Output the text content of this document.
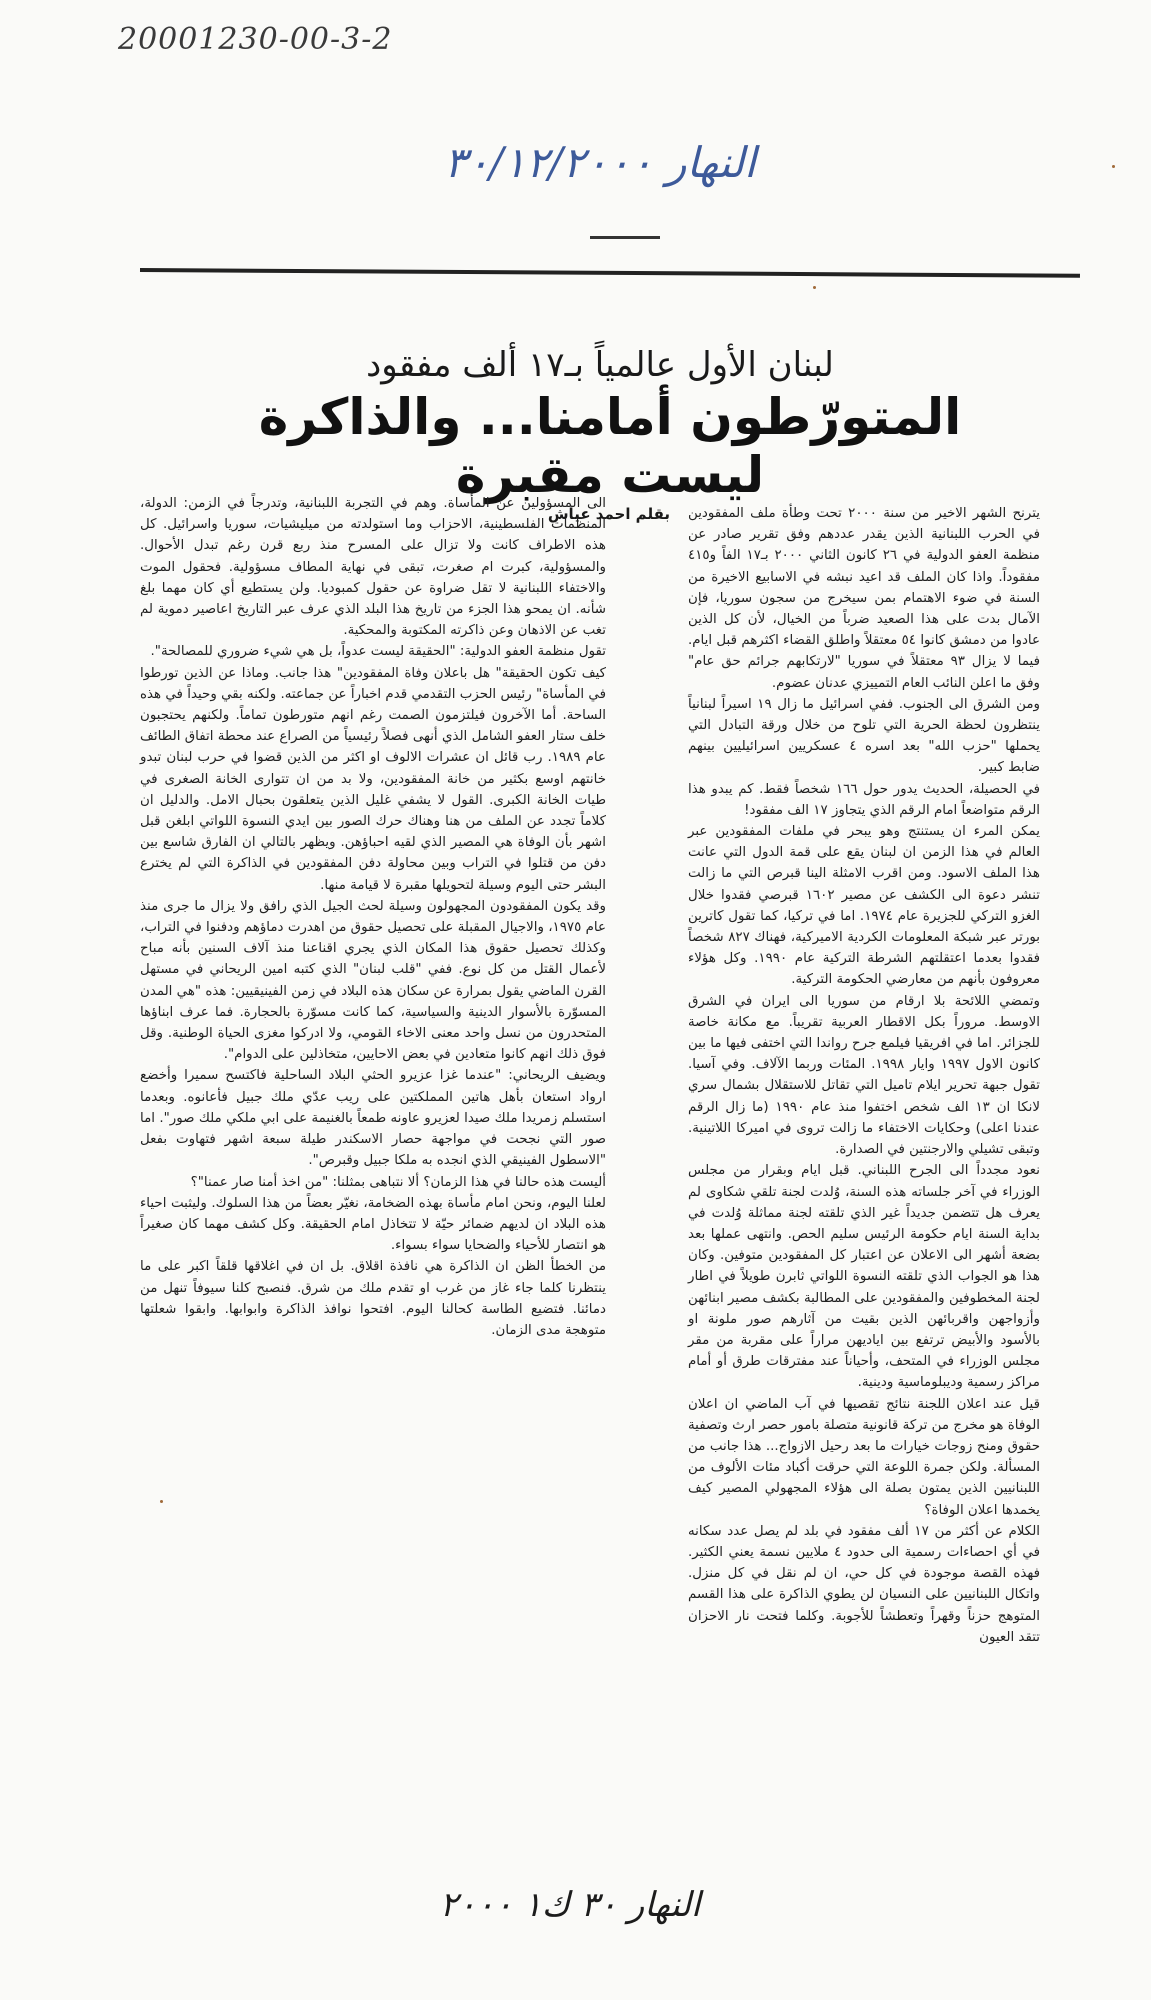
20001230-00-3-2
النهار ٣٠/١٢/٢٠٠٠
لبنان الأول عالمياً بـ١٧ ألف مفقود
المتورّطون أمامنا... والذاكرة ليست مقبرة

يترنح الشهر الاخير من سنة ٢٠٠٠ تحت وطأة ملف المفقودين في الحرب اللبنانية الذين يقدر عددهم وفق تقرير صادر عن منظمة العفو الدولية في ٢٦ كانون الثاني ٢٠٠٠ بـ١٧ الفاً و٤١٥ مفقوداً. واذا كان الملف قد اعيد نبشه في الاسابيع الاخيرة من السنة في ضوء الاهتمام بمن سيخرج من سجون سوريا، فإن الآمال بدت على هذا الصعيد ضرباً من الخيال، لأن كل الذين عادوا من دمشق كانوا ٥٤ معتقلاً واطلق القضاء اكثرهم قبل ايام. فيما لا يزال ٩٣ معتقلاً في سوريا "لارتكابهم جرائم حق عام" وفق ما اعلن النائب العام التمييزي عدنان عضوم.

ومن الشرق الى الجنوب. ففي اسرائيل ما زال ١٩ اسيراً لبنانياً ينتظرون لحظة الحرية التي تلوح من خلال ورقة التبادل التي يحملها "حزب الله" بعد اسره ٤ عسكريين اسرائيليين بينهم ضابط كبير.

في الحصيلة، الحديث يدور حول ١٦٦ شخصاً فقط. كم يبدو هذا الرقم متواضعاً امام الرقم الذي يتجاوز ١٧ الف مفقود!

يمكن المرء ان يستنتج وهو يبحر في ملفات المفقودين عبر العالم في هذا الزمن ان لبنان يقع على قمة الدول التي عانت هذا الملف الاسود. ومن اقرب الامثلة الينا قبرص التي ما زالت تنشر دعوة الى الكشف عن مصير ١٦٠٢ قبرصي فقدوا خلال الغزو التركي للجزيرة عام ١٩٧٤. اما في تركيا، كما تقول كاترين بورتر عبر شبكة المعلومات الكردية الاميركية، فهناك ٨٢٧ شخصاً فقدوا بعدما اعتقلتهم الشرطة التركية عام ١٩٩٠. وكل هؤلاء معروفون بأنهم من معارضي الحكومة التركية.

وتمضي اللائحة بلا ارقام من سوريا الى ايران في الشرق الاوسط. مروراً بكل الاقطار العربية تقريباً. مع مكانة خاصة للجزائر. اما في افريقيا فيلمع جرح رواندا التي اختفى فيها ما بين كانون الاول ١٩٩٧ وايار ١٩٩٨. المئات وربما الآلاف. وفي آسيا. تقول جبهة تحرير ايلام تاميل التي تقاتل للاستقلال بشمال سري لانكا ان ١٣ الف شخص اختفوا منذ عام ١٩٩٠ (ما زال الرقم عندنا اعلى) وحكايات الاختفاء ما زالت تروى في اميركا اللاتينية. وتبقى تشيلي والارجنتين في الصدارة.

نعود مجدداً الى الجرح اللبناني. قبل ايام وبقرار من مجلس الوزراء في آخر جلساته هذه السنة، وُلدت لجنة تلقي شكاوى لم يعرف هل تتضمن جديداً غير الذي تلقته لجنة مماثلة وُلدت في بداية السنة ايام حكومة الرئيس سليم الحص. وانتهى عملها بعد بضعة أشهر الى الاعلان عن اعتبار كل المفقودين متوفين. وكان هذا هو الجواب الذي تلقته النسوة اللواتي ثابرن طويلاً في اطار لجنة المخطوفين والمفقودين على المطالبة بكشف مصير ابنائهن وأزواجهن واقربائهن الذين بقيت من آثارهم صور ملونة او بالأسود والأبيض ترتفع بين اياديهن مراراً على مقربة من مقر مجلس الوزراء في المتحف، وأحياناً عند مفترقات طرق أو أمام مراكز رسمية وديبلوماسية ودينية.

قيل عند اعلان اللجنة نتائج تقصيها في آب الماضي ان اعلان الوفاة هو مخرج من تركة قانونية متصلة بامور حصر ارث وتصفية حقوق ومنح زوجات خيارات ما بعد رحيل الازواج... هذا جانب من المسألة. ولكن جمرة اللوعة التي حرقت أكباد مئات الألوف من اللبنانيين الذين يمتون بصلة الى هؤلاء المجهولي المصير كيف يخمدها اعلان الوفاة؟

الكلام عن أكثر من ١٧ ألف مفقود في بلد لم يصل عدد سكانه في أي احصاءات رسمية الى حدود ٤ ملايين نسمة يعني الكثير. فهذه القصة موجودة في كل حي، ان لم نقل في كل منزل. واتكال اللبنانيين على النسيان لن يطوي الذاكرة على هذا القسم المتوهج حزناً وقهراً وتعطشاً للأجوبة. وكلما فتحت نار الاحزان تتقد العيون

بقلم احمد عياش

الى المسؤولين عن المأساة. وهم في التجربة اللبنانية، وتدرجاً في الزمن: الدولة، المنظمات الفلسطينية، الاحزاب وما استولدته من ميليشيات، سوريا واسرائيل. كل هذه الاطراف كانت ولا تزال على المسرح منذ ربع قرن رغم تبدل الأحوال. والمسؤولية، كبرت ام صغرت، تبقى في نهاية المطاف مسؤولية. فحقول الموت والاختفاء اللبنانية لا تقل ضراوة عن حقول كمبوديا. ولن يستطيع أي كان مهما بلغ شأنه. ان يمحو هذا الجزء من تاريخ هذا البلد الذي عرف عبر التاريخ اعاصير دموية لم تغب عن الاذهان وعن ذاكرته المكتوبة والمحكية.

تقول منظمة العفو الدولية: "الحقيقة ليست عدواً، بل هي شيء ضروري للمصالحة".

كيف تكون الحقيقة" هل باعلان وفاة المفقودين" هذا جانب. وماذا عن الذين تورطوا في المأساة" رئيس الحزب التقدمي قدم اخباراً عن جماعته. ولكنه بقي وحيداً في هذه الساحة. أما الآخرون فيلتزمون الصمت رغم انهم متورطون تماماً. ولكنهم يحتجبون خلف ستار العفو الشامل الذي أنهى فصلاً رئيسياً من الصراع عند محطة اتفاق الطائف عام ١٩٨٩. رب قائل ان عشرات الالوف او اكثر من الذين قضوا في حرب لبنان تبدو خانتهم اوسع بكثير من خانة المفقودين، ولا بد من ان تتوارى الخانة الصغرى في طيات الخانة الكبرى. القول لا يشفي غليل الذين يتعلقون بحبال الامل. والدليل ان كلاماً تجدد عن الملف من هنا وهناك حرك الصور بين ايدي النسوة اللواتي ابلغن قبل اشهر بأن الوفاة هي المصير الذي لقيه احباؤهن. ويظهر بالتالي ان الفارق شاسع بين دفن من قتلوا في التراب وبين محاولة دفن المفقودين في الذاكرة التي لم يخترع البشر حتى اليوم وسيلة لتحويلها مقبرة لا قيامة منها.

وقد يكون المفقودون المجهولون وسيلة لحث الجيل الذي رافق ولا يزال ما جرى منذ عام ١٩٧٥، والاجيال المقبلة على تحصيل حقوق من اهدرت دماؤهم ودفنوا في التراب، وكذلك تحصيل حقوق هذا المكان الذي يجري اقناعنا منذ آلاف السنين بأنه مباح لأعمال القتل من كل نوع. ففي "قلب لبنان" الذي كتبه امين الريحاني في مستهل القرن الماضي يقول بمرارة عن سكان هذه البلاد في زمن الفينيقيين: هذه "هي المدن المسوّرة بالأسوار الدينية والسياسية، كما كانت مسوّرة بالحجارة. فما عرف ابناؤها المتحدرون من نسل واحد معنى الاخاء القومي، ولا ادركوا مغزى الحياة الوطنية. وقل فوق ذلك انهم كانوا متعادين في بعض الاحايين، متخاذلين على الدوام".

ويضيف الريحاني: "عندما غزا عزيرو الحثي البلاد الساحلية فاكتسح سميرا وأخضع ارواد استعان بأهل هاتين المملكتين على ريب عدّي ملك جبيل فأعانوه. وبعدما استسلم زمريدا ملك صيدا لعزيرو عاونه طمعاً بالغنيمة على ابي ملكي ملك صور". اما صور التي نجحت في مواجهة حصار الاسكندر طيلة سبعة اشهر فتهاوت بفعل "الاسطول الفينيقي الذي انجده به ملكا جبيل وقبرص".

أليست هذه حالنا في هذا الزمان؟ ألا نتباهى بمثلنا: "من اخذ أمنا صار عمنا"؟

لعلنا اليوم، ونحن امام مأساة بهذه الضخامة، نغيّر بعضاً من هذا السلوك. وليثبت احياء هذه البلاد ان لديهم ضمائر حيّة لا تتخاذل امام الحقيقة. وكل كشف مهما كان صغيراً هو انتصار للأحياء والضحايا سواء بسواء.

من الخطأ الظن ان الذاكرة هي نافذة اقلاق. بل ان في اغلاقها قلقاً اكبر على ما ينتظرنا كلما جاء غاز من غرب او تقدم ملك من شرق. فنصبح كلنا سيوفاً تنهل من دمائنا. فتضيع الطاسة كحالنا اليوم. افتحوا نوافذ الذاكرة وابوابها. وابقوا شعلتها متوهجة مدى الزمان.

النهار ٣٠ ك١ ٢٠٠٠
